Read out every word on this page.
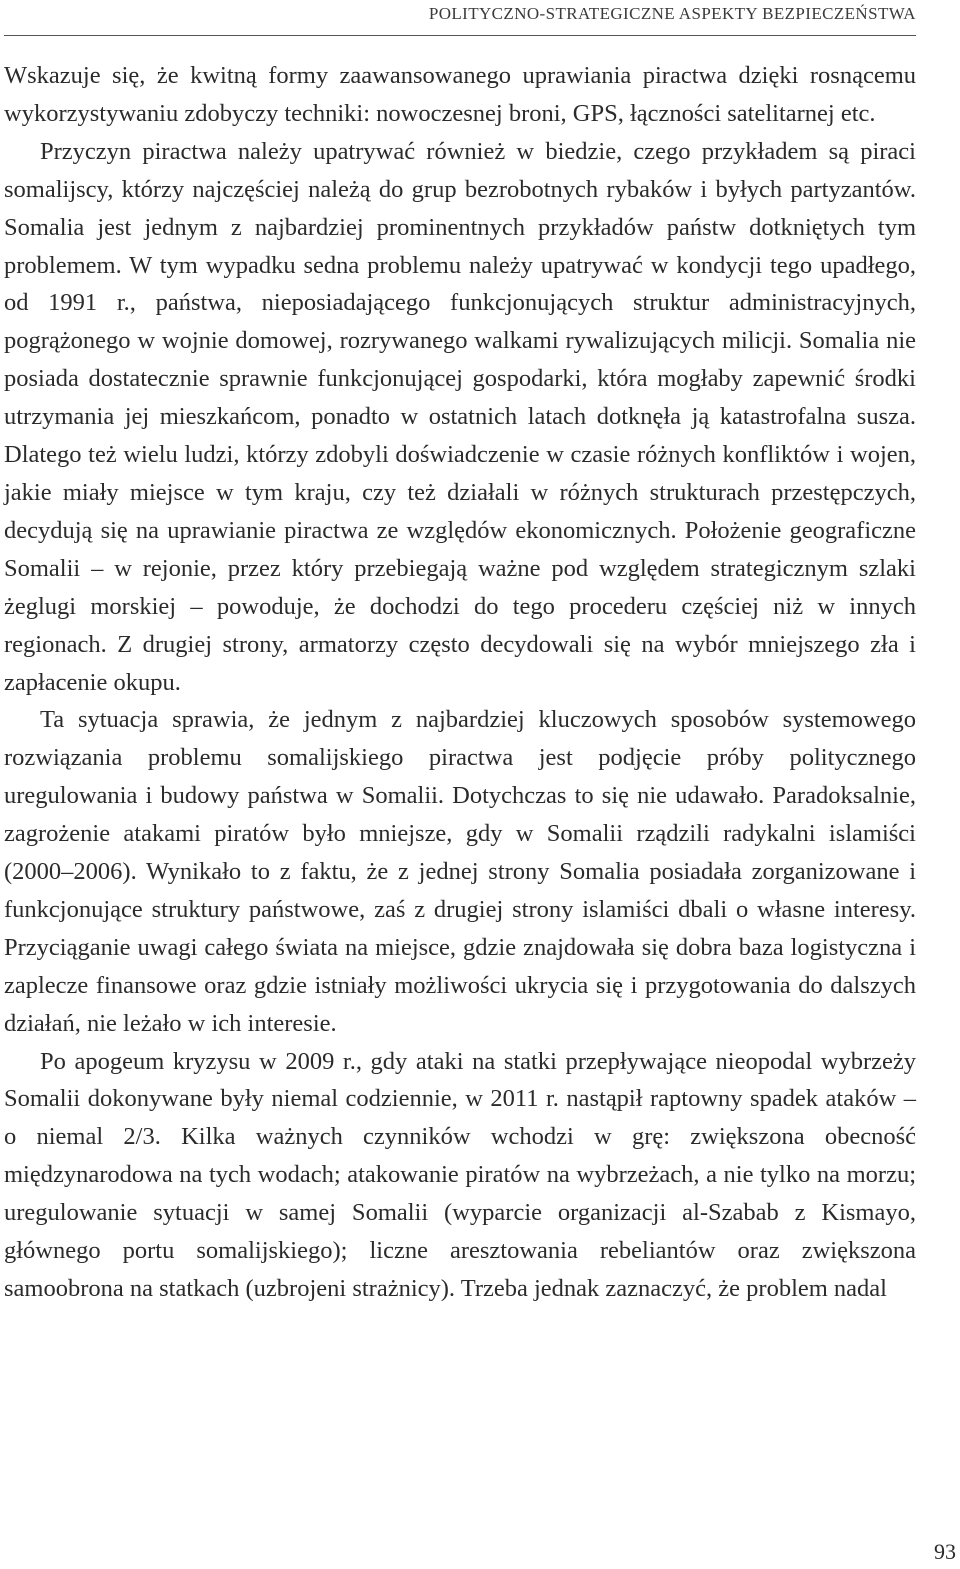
POLITYCZNO-STRATEGICZNE ASPEKTY BEZPIECZEŃSTWA

Wskazuje się, że kwitną formy zaawansowanego uprawiania piractwa dzięki rosnącemu wykorzystywaniu zdobyczy techniki: nowoczesnej broni, GPS, łączności satelitarnej etc.

Przyczyn piractwa należy upatrywać również w biedzie, czego przykładem są piraci somalijscy, którzy najczęściej należą do grup bezrobotnych rybaków i byłych partyzantów. Somalia jest jednym z najbardziej prominentnych przykładów państw dotkniętych tym problemem. W tym wypadku sedna problemu należy upatrywać w kondycji tego upadłego, od 1991 r., państwa, nieposiadającego funkcjonujących struktur administracyjnych, pogrążonego w wojnie domowej, rozrywanego walkami rywalizujących milicji. Somalia nie posiada dostatecznie sprawnie funkcjonującej gospodarki, która mogłaby zapewnić środki utrzymania jej mieszkańcom, ponadto w ostatnich latach dotknęła ją katastrofalna susza. Dlatego też wielu ludzi, którzy zdobyli doświadczenie w czasie różnych konfliktów i wojen, jakie miały miejsce w tym kraju, czy też działali w różnych strukturach przestępczych, decydują się na uprawianie piractwa ze względów ekonomicznych. Położenie geograficzne Somalii – w rejonie, przez który przebiegają ważne pod względem strategicznym szlaki żeglugi morskiej – powoduje, że dochodzi do tego procederu częściej niż w innych regionach. Z drugiej strony, armatorzy często decydowali się na wybór mniejszego zła i zapłacenie okupu.

Ta sytuacja sprawia, że jednym z najbardziej kluczowych sposobów systemowego rozwiązania problemu somalijskiego piractwa jest podjęcie próby politycznego uregulowania i budowy państwa w Somalii. Dotychczas to się nie udawało. Paradoksalnie, zagrożenie atakami piratów było mniejsze, gdy w Somalii rządzili radykalni islamiści (2000–2006). Wynikało to z faktu, że z jednej strony Somalia posiadała zorganizowane i funkcjonujące struktury państwowe, zaś z drugiej strony islamiści dbali o własne interesy. Przyciąganie uwagi całego świata na miejsce, gdzie znajdowała się dobra baza logistyczna i zaplecze finansowe oraz gdzie istniały możliwości ukrycia się i przygotowania do dalszych działań, nie leżało w ich interesie.

Po apogeum kryzysu w 2009 r., gdy ataki na statki przepływające nieopodal wybrzeży Somalii dokonywane były niemal codziennie, w 2011 r. nastąpił raptowny spadek ataków – o niemal 2/3. Kilka ważnych czynników wchodzi w grę: zwiększona obecność międzynarodowa na tych wodach; atakowanie piratów na wybrzeżach, a nie tylko na morzu; uregulowanie sytuacji w samej Somalii (wyparcie organizacji al-Szabab z Kismayo, głównego portu somalijskiego); liczne aresztowania rebeliantów oraz zwiększona samoobrona na statkach (uzbrojeni strażnicy). Trzeba jednak zaznaczyć, że problem nadal

93
